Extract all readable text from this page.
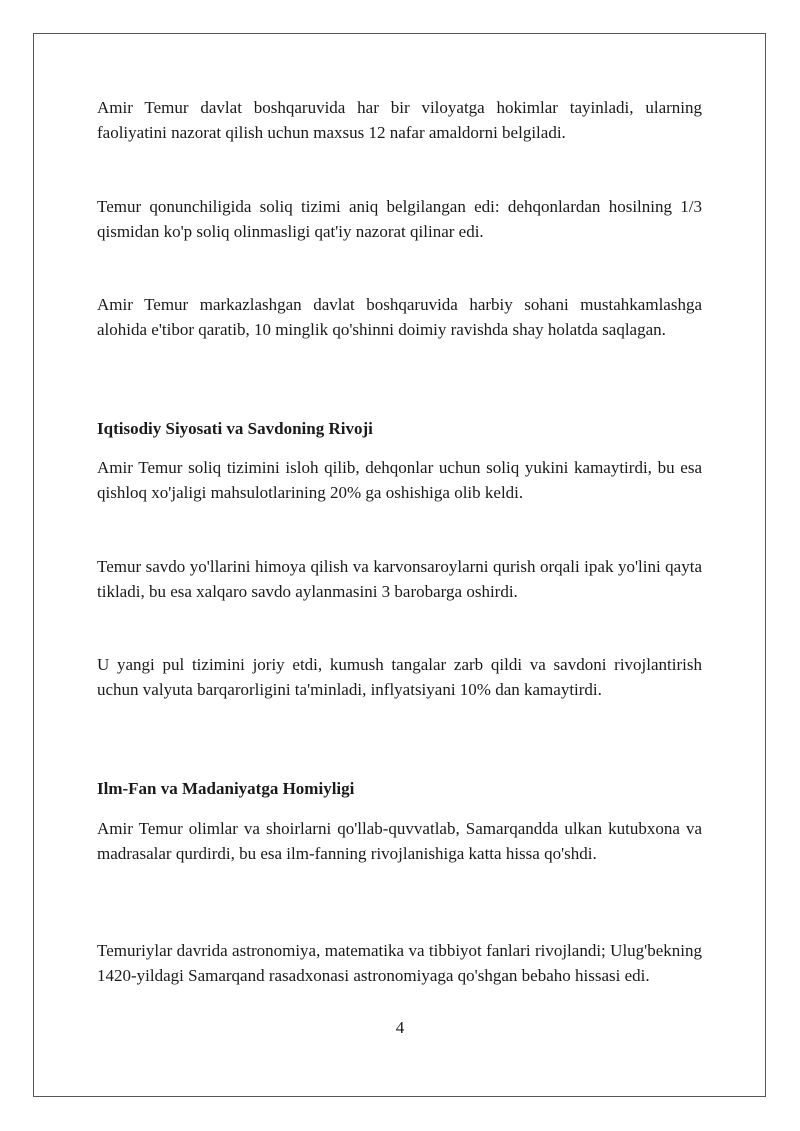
Amir Temur davlat boshqaruvida har bir viloyatga hokimlar tayinladi, ularning faoliyatini nazorat qilish uchun maxsus 12 nafar amaldorni belgiladi.

Temur qonunchiligida soliq tizimi aniq belgilangan edi: dehqonlardan hosilning 1/3 qismidan ko'p soliq olinmasligi qat'iy nazorat qilinar edi.

Amir Temur markazlashgan davlat boshqaruvida harbiy sohani mustahkamlashga alohida e'tibor qaratib, 10 minglik qo'shinni doimiy ravishda shay holatda saqlagan.

Iqtisodiy Siyosati va Savdoning Rivoji

Amir Temur soliq tizimini isloh qilib, dehqonlar uchun soliq yukini kamaytirdi, bu esa qishloq xo'jaligi mahsulotlarining 20% ga oshishiga olib keldi.

Temur savdo yo'llarini himoya qilish va karvonsaroylarni qurish orqali ipak yo'lini qayta tikladi, bu esa xalqaro savdo aylanmasini 3 barobarga oshirdi.

U yangi pul tizimini joriy etdi, kumush tangalar zarb qildi va savdoni rivojlantirish uchun valyuta barqarorligini ta'minladi, inflyatsiyani 10% dan kamaytirdi.

Ilm-Fan va Madaniyatga Homiyligi

Amir Temur olimlar va shoirlarni qo'llab-quvvatlab, Samarqandda ulkan kutubxona va madrasalar qurdirdi, bu esa ilm-fanning rivojlanishiga katta hissa qo'shdi.

Temuriylar davrida astronomiya, matematika va tibbiyot fanlari rivojlandi; Ulug'bekning 1420-yildagi Samarqand rasadxonasi astronomiyaga qo'shgan bebaho hissasi edi.

4
